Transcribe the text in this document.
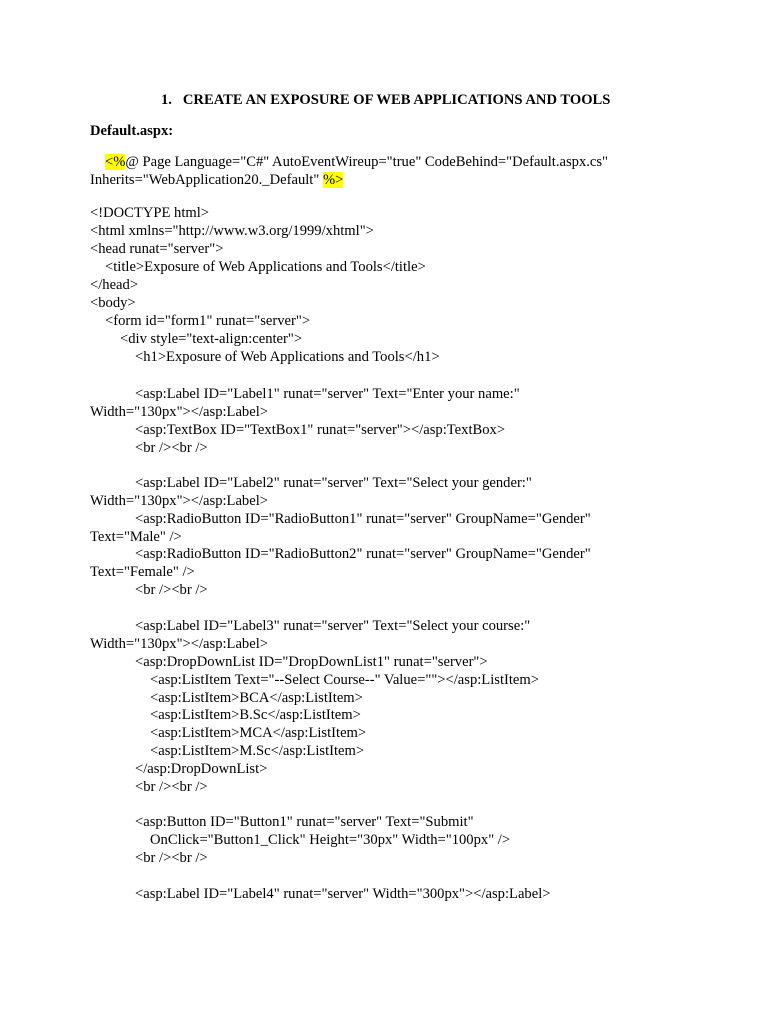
1.   CREATE AN EXPOSURE OF WEB APPLICATIONS AND TOOLS
Default.aspx:
<%@ Page Language="C#" AutoEventWireup="true" CodeBehind="Default.aspx.cs"
Inherits="WebApplication20._Default" %>
<!DOCTYPE html>
<html xmlns="http://www.w3.org/1999/xhtml">
<head runat="server">
<title>Exposure of Web Applications and Tools</title>
</head>
<body>
<form id="form1" runat="server">
<div style="text-align:center">
<h1>Exposure of Web Applications and Tools</h1>
<asp:Label ID="Label1" runat="server" Text="Enter your name:"
Width="130px"></asp:Label>
<asp:TextBox ID="TextBox1" runat="server"></asp:TextBox>
<br /><br />
<asp:Label ID="Label2" runat="server" Text="Select your gender:"
Width="130px"></asp:Label>
<asp:RadioButton ID="RadioButton1" runat="server" GroupName="Gender"
Text="Male" />
<asp:RadioButton ID="RadioButton2" runat="server" GroupName="Gender"
Text="Female" />
<br /><br />
<asp:Label ID="Label3" runat="server" Text="Select your course:"
Width="130px"></asp:Label>
<asp:DropDownList ID="DropDownList1" runat="server">
<asp:ListItem Text="--Select Course--" Value=""></asp:ListItem>
<asp:ListItem>BCA</asp:ListItem>
<asp:ListItem>B.Sc</asp:ListItem>
<asp:ListItem>MCA</asp:ListItem>
<asp:ListItem>M.Sc</asp:ListItem>
</asp:DropDownList>
<br /><br />
<asp:Button ID="Button1" runat="server" Text="Submit"
OnClick="Button1_Click" Height="30px" Width="100px" />
<br /><br />
<asp:Label ID="Label4" runat="server" Width="300px"></asp:Label>
